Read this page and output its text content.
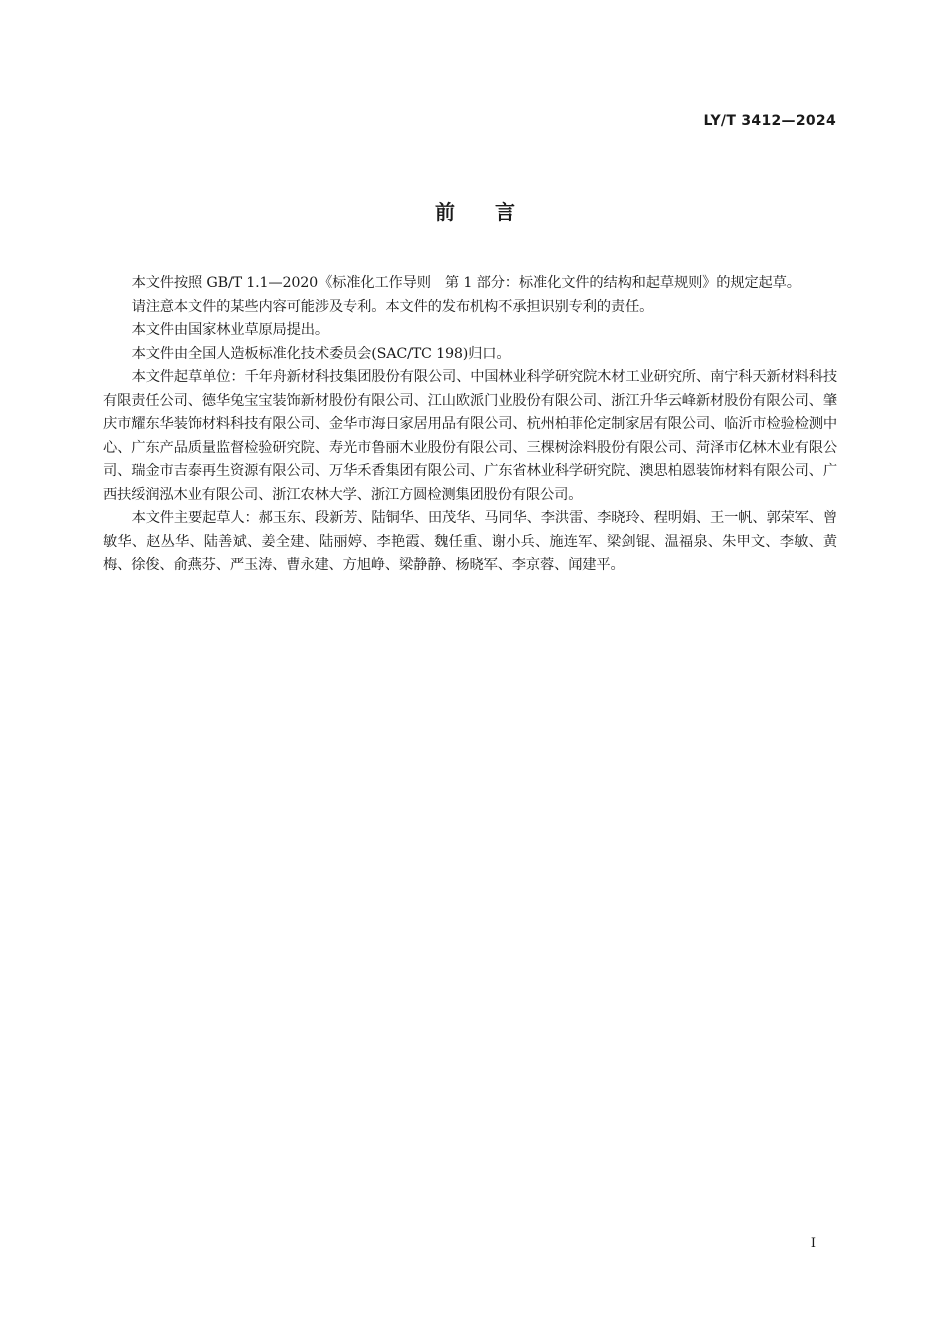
LY/T 3412—2024
前言

本文件按照 GB/T 1.1—2020《标准化工作导则　第 1 部分：标准化文件的结构和起草规则》的规定起草。

请注意本文件的某些内容可能涉及专利。本文件的发布机构不承担识别专利的责任。

本文件由国家林业草原局提出。

本文件由全国人造板标准化技术委员会(SAC/TC 198)归口。

本文件起草单位：千年舟新材科技集团股份有限公司、中国林业科学研究院木材工业研究所、南宁科天新材料科技有限责任公司、德华兔宝宝装饰新材股份有限公司、江山欧派门业股份有限公司、浙江升华云峰新材股份有限公司、肇庆市耀东华装饰材料科技有限公司、金华市海日家居用品有限公司、杭州柏菲伦定制家居有限公司、临沂市检验检测中心、广东产品质量监督检验研究院、寿光市鲁丽木业股份有限公司、三棵树涂料股份有限公司、菏泽市亿林木业有限公司、瑞金市吉泰再生资源有限公司、万华禾香集团有限公司、广东省林业科学研究院、澳思柏恩装饰材料有限公司、广西扶绥润泓木业有限公司、浙江农林大学、浙江方圆检测集团股份有限公司。

本文件主要起草人：郝玉东、段新芳、陆铜华、田茂华、马同华、李洪雷、李晓玲、程明娟、王一帆、郭荣军、曾敏华、赵丛华、陆善斌、姜全建、陆丽婷、李艳霞、魏任重、谢小兵、施连军、梁剑锟、温福泉、朱甲文、李敏、黄梅、徐俊、俞燕芬、严玉涛、曹永建、方旭峥、梁静静、杨晓军、李京蓉、闻建平。

I
